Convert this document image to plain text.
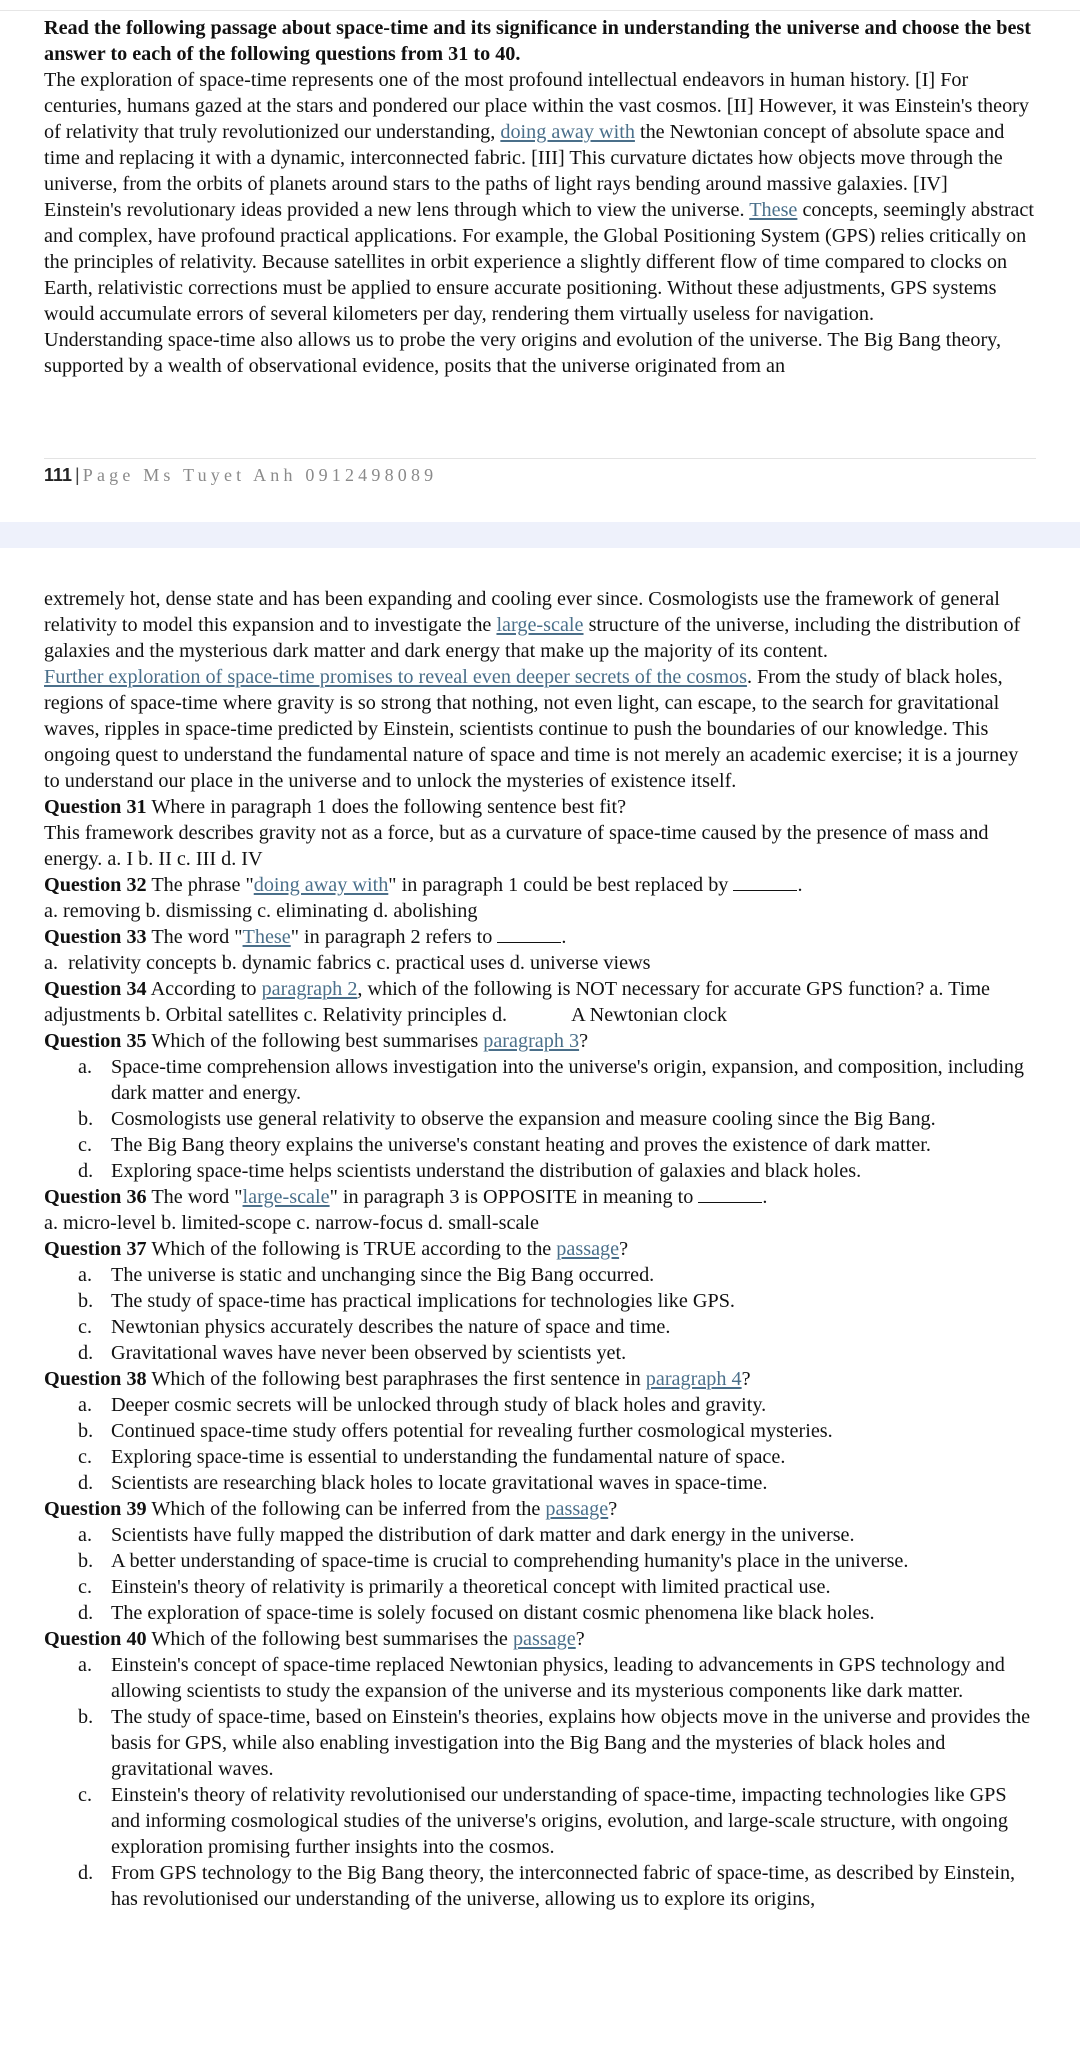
Read the following passage about space-time and its significance in understanding the universe and choose the best answer to each of the following questions from 31 to 40.

The exploration of space-time represents one of the most profound intellectual endeavors in human history. [I] For centuries, humans gazed at the stars and pondered our place within the vast cosmos. [II] However, it was Einstein's theory of relativity that truly revolutionized our understanding, doing away with the Newtonian concept of absolute space and time and replacing it with a dynamic, interconnected fabric. [III] This curvature dictates how objects move through the universe, from the orbits of planets around stars to the paths of light rays bending around massive galaxies. [IV]

Einstein's revolutionary ideas provided a new lens through which to view the universe. These concepts, seemingly abstract and complex, have profound practical applications. For example, the Global Positioning System (GPS) relies critically on the principles of relativity. Because satellites in orbit experience a slightly different flow of time compared to clocks on Earth, relativistic corrections must be applied to ensure accurate positioning. Without these adjustments, GPS systems would accumulate errors of several kilometers per day, rendering them virtually useless for navigation.

Understanding space-time also allows us to probe the very origins and evolution of the universe. The Big Bang theory, supported by a wealth of observational evidence, posits that the universe originated from an

111 | Page Ms Tuyet Anh 0912498089

extremely hot, dense state and has been expanding and cooling ever since. Cosmologists use the framework of general relativity to model this expansion and to investigate the large-scale structure of the universe, including the distribution of galaxies and the mysterious dark matter and dark energy that make up the majority of its content.

Further exploration of space-time promises to reveal even deeper secrets of the cosmos. From the study of black holes, regions of space-time where gravity is so strong that nothing, not even light, can escape, to the search for gravitational waves, ripples in space-time predicted by Einstein, scientists continue to push the boundaries of our knowledge. This ongoing quest to understand the fundamental nature of space and time is not merely an academic exercise; it is a journey to understand our place in the universe and to unlock the mysteries of existence itself.

Question 31 Where in paragraph 1 does the following sentence best fit?

This framework describes gravity not as a force, but as a curvature of space-time caused by the presence of mass and energy. a. I b. II c. III d. IV

Question 32 The phrase "doing away with" in paragraph 1 could be best replaced by	.

a. removing b. dismissing c. eliminating d. abolishing

Question 33 The word "These" in paragraph 2 refers to	.

a.  relativity concepts b. dynamic fabrics c. practical uses d. universe views

Question 34 According to paragraph 2, which of the following is NOT necessary for accurate GPS function? a. Time adjustments b. Orbital satellites c. Relativity principles d.	A Newtonian clock

Question 35 Which of the following best summarises paragraph 3?

a. Space-time comprehension allows investigation into the universe's origin, expansion, and composition, including dark matter and energy.
b. Cosmologists use general relativity to observe the expansion and measure cooling since the Big Bang.
c. The Big Bang theory explains the universe's constant heating and proves the existence of dark matter.
d. Exploring space-time helps scientists understand the distribution of galaxies and black holes.

Question 36 The word "large-scale" in paragraph 3 is OPPOSITE in meaning to	.

a. micro-level b. limited-scope c. narrow-focus d. small-scale

Question 37 Which of the following is TRUE according to the passage?

a. The universe is static and unchanging since the Big Bang occurred.
b. The study of space-time has practical implications for technologies like GPS.
c. Newtonian physics accurately describes the nature of space and time.
d. Gravitational waves have never been observed by scientists yet.

Question 38 Which of the following best paraphrases the first sentence in paragraph 4?

a. Deeper cosmic secrets will be unlocked through study of black holes and gravity.
b. Continued space-time study offers potential for revealing further cosmological mysteries.
c. Exploring space-time is essential to understanding the fundamental nature of space.
d. Scientists are researching black holes to locate gravitational waves in space-time.

Question 39 Which of the following can be inferred from the passage?

a. Scientists have fully mapped the distribution of dark matter and dark energy in the universe.
b. A better understanding of space-time is crucial to comprehending humanity's place in the universe.
c. Einstein's theory of relativity is primarily a theoretical concept with limited practical use.
d. The exploration of space-time is solely focused on distant cosmic phenomena like black holes.

Question 40 Which of the following best summarises the passage?

a. Einstein's concept of space-time replaced Newtonian physics, leading to advancements in GPS technology and allowing scientists to study the expansion of the universe and its mysterious components like dark matter.
b. The study of space-time, based on Einstein's theories, explains how objects move in the universe and provides the basis for GPS, while also enabling investigation into the Big Bang and the mysteries of black holes and gravitational waves.
c. Einstein's theory of relativity revolutionised our understanding of space-time, impacting technologies like GPS and informing cosmological studies of the universe's origins, evolution, and large-scale structure, with ongoing exploration promising further insights into the cosmos.
d. From GPS technology to the Big Bang theory, the interconnected fabric of space-time, as described by Einstein, has revolutionised our understanding of the universe, allowing us to explore its origins,
